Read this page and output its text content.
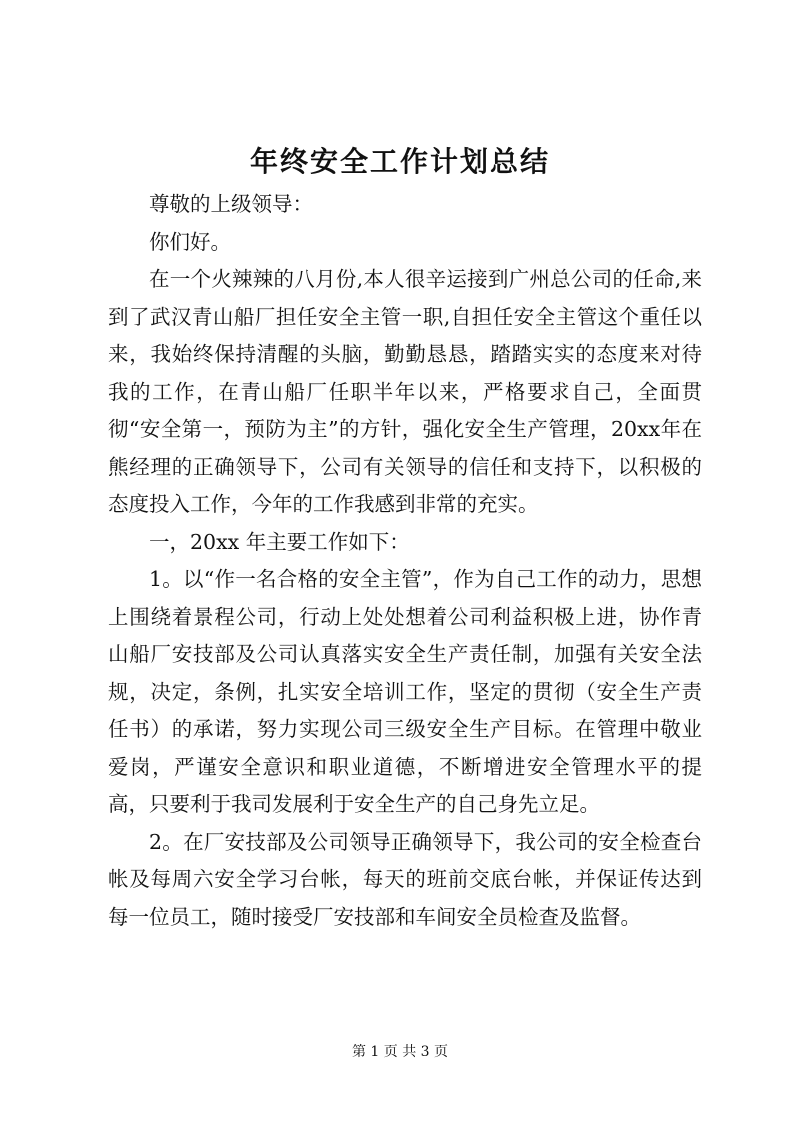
年终安全工作计划总结

尊敬的上级领导：

你们好。

在一个火辣辣的八月份,本人很辛运接到广州总公司的任命,来到了武汉青山船厂担任安全主管一职,自担任安全主管这个重任以来，我始终保持清醒的头脑，勤勤恳恳，踏踏实实的态度来对待我的工作，在青山船厂任职半年以来，严格要求自己，全面贯彻“安全第一，预防为主”的方针，强化安全生产管理，20xx年在熊经理的正确领导下，公司有关领导的信任和支持下，以积极的态度投入工作，今年的工作我感到非常的充实。

一，20xx 年主要工作如下：

1。以“作一名合格的安全主管”，作为自己工作的动力，思想上围绕着景程公司，行动上处处想着公司利益积极上进，协作青山船厂安技部及公司认真落实安全生产责任制，加强有关安全法规，决定，条例，扎实安全培训工作，坚定的贯彻（安全生产责任书）的承诺，努力实现公司三级安全生产目标。在管理中敬业爱岗，严谨安全意识和职业道德，不断增进安全管理水平的提高，只要利于我司发展利于安全生产的自己身先立足。

2。在厂安技部及公司领导正确领导下，我公司的安全检查台帐及每周六安全学习台帐，每天的班前交底台帐，并保证传达到每一位员工，随时接受厂安技部和车间安全员检查及监督。

第 1 页 共 3 页
